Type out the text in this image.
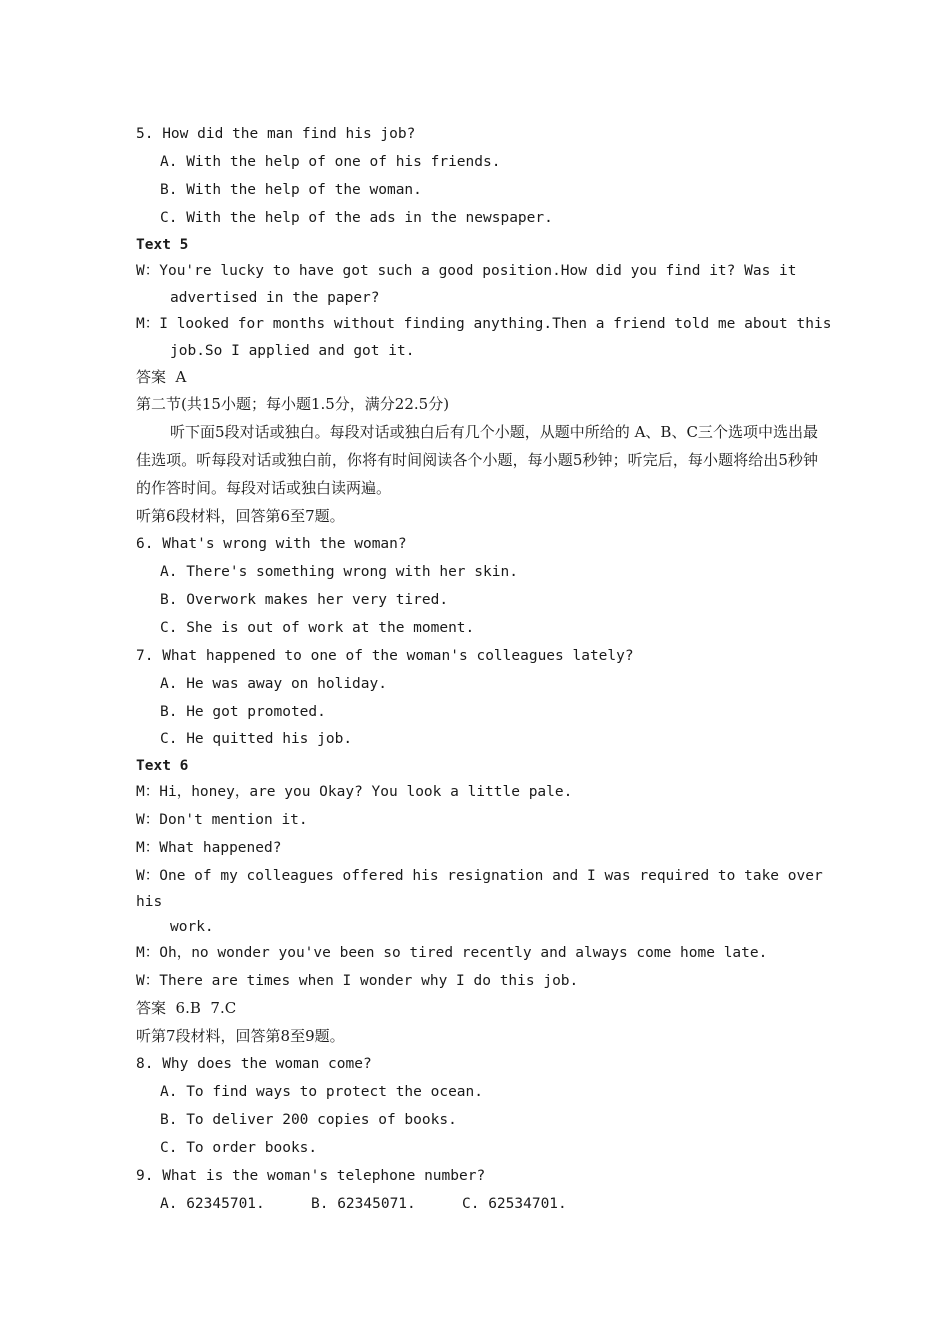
5. How did the man find his job?
A. With the help of one of his friends.
B. With the help of the woman.
C. With the help of the ads in the newspaper.
Text 5
W：You're lucky to have got such a good position.How did you find it? Was it
advertised in the paper?
M：I looked for months without finding anything.Then a friend told me about this
job.So I applied and got it.
答案  A
第二节(共15小题；每小题1.5分，满分22.5分)
听下面5段对话或独白。每段对话或独白后有几个小题，从题中所给的 A、B、C三个选项中选出最佳选项。听每段对话或独白前，你将有时间阅读各个小题，每小题5秒钟；听完后，每小题将给出5秒钟的作答时间。每段对话或独白读两遍。
听第6段材料，回答第6至7题。
6. What's wrong with the woman?
A. There's something wrong with her skin.
B. Overwork makes her very tired.
C. She is out of work at the moment.
7. What happened to one of the woman's colleagues lately?
A. He was away on holiday.
B. He got promoted.
C. He quitted his job.
Text 6
M：Hi，honey，are you Okay? You look a little pale.
W：Don't mention it.
M：What happened?
W：One of my colleagues offered his resignation and I was required to take over
his
work.
M：Oh，no wonder you've been so tired recently and always come home late.
W：There are times when I wonder why I do this job.
答案  6.B  7.C
听第7段材料，回答第8至9题。
8. Why does the woman come?
A. To find ways to protect the ocean.
B. To deliver 200 copies of books.
C. To order books.
9. What is the woman's telephone number?
A. 62345701.	B. 62345071.	C. 62534701.
